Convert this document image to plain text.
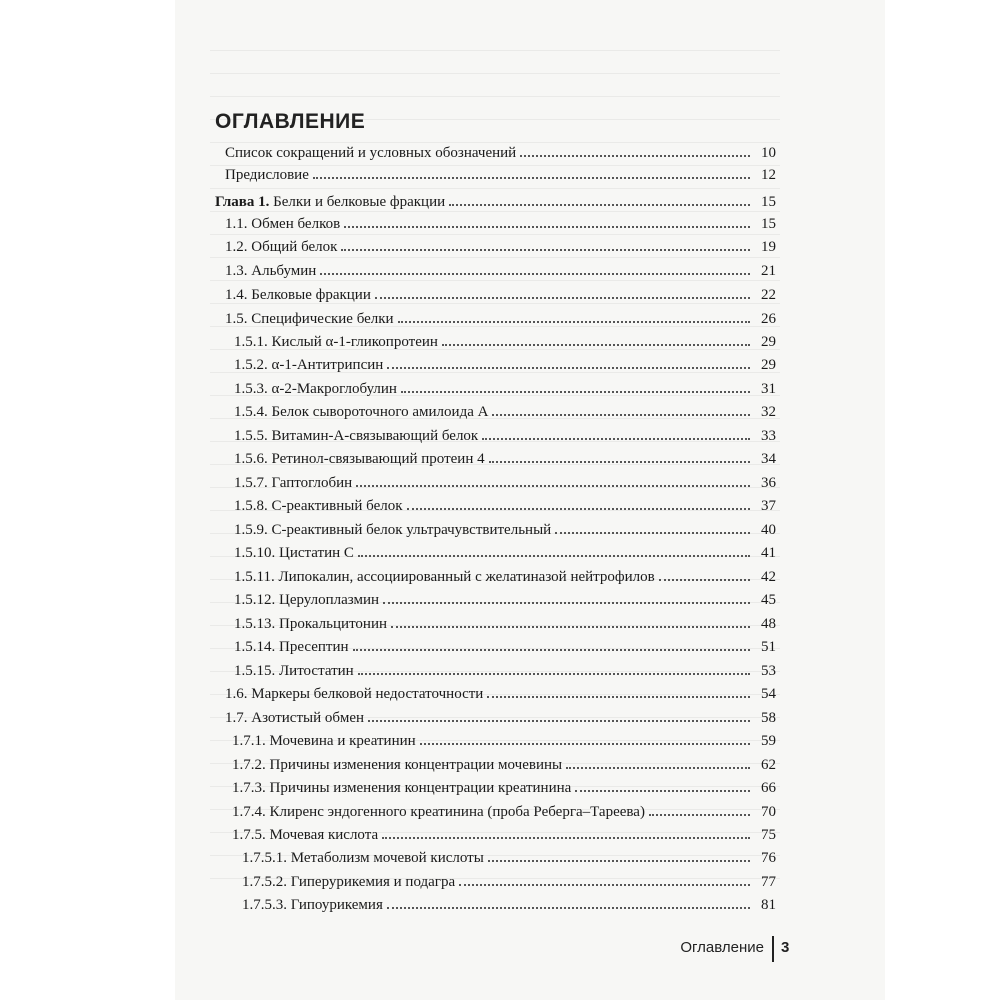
ОГЛАВЛЕНИЕ
Список сокращений и условных обозначений	10
Предисловие	12
Глава 1. Белки и белковые фракции	15
1.1. Обмен белков	15
1.2. Общий белок	19
1.3. Альбумин	21
1.4. Белковые фракции	22
1.5. Специфические белки	26
1.5.1. Кислый α-1-гликопротеин	29
1.5.2. α-1-Антитрипсин	29
1.5.3. α-2-Макроглобулин	31
1.5.4. Белок сывороточного амилоида А	32
1.5.5. Витамин-А-связывающий белок	33
1.5.6. Ретинол-связывающий протеин 4	34
1.5.7. Гаптоглобин	36
1.5.8. С-реактивный белок	37
1.5.9. С-реактивный белок ультрачувствительный	40
1.5.10. Цистатин С	41
1.5.11. Липокалин, ассоциированный с желатиназой нейтрофилов	42
1.5.12. Церулоплазмин	45
1.5.13. Прокальцитонин	48
1.5.14. Пресептин	51
1.5.15. Литостатин	53
1.6. Маркеры белковой недостаточности	54
1.7. Азотистый обмен	58
1.7.1. Мочевина и креатинин	59
1.7.2. Причины изменения концентрации мочевины	62
1.7.3. Причины изменения концентрации креатинина	66
1.7.4. Клиренс эндогенного креатинина (проба Реберга–Тареева)	70
1.7.5. Мочевая кислота	75
1.7.5.1. Метаболизм мочевой кислоты	76
1.7.5.2. Гиперурикемия и подагра	77
1.7.5.3. Гипоурикемия	81
Оглавление 3
